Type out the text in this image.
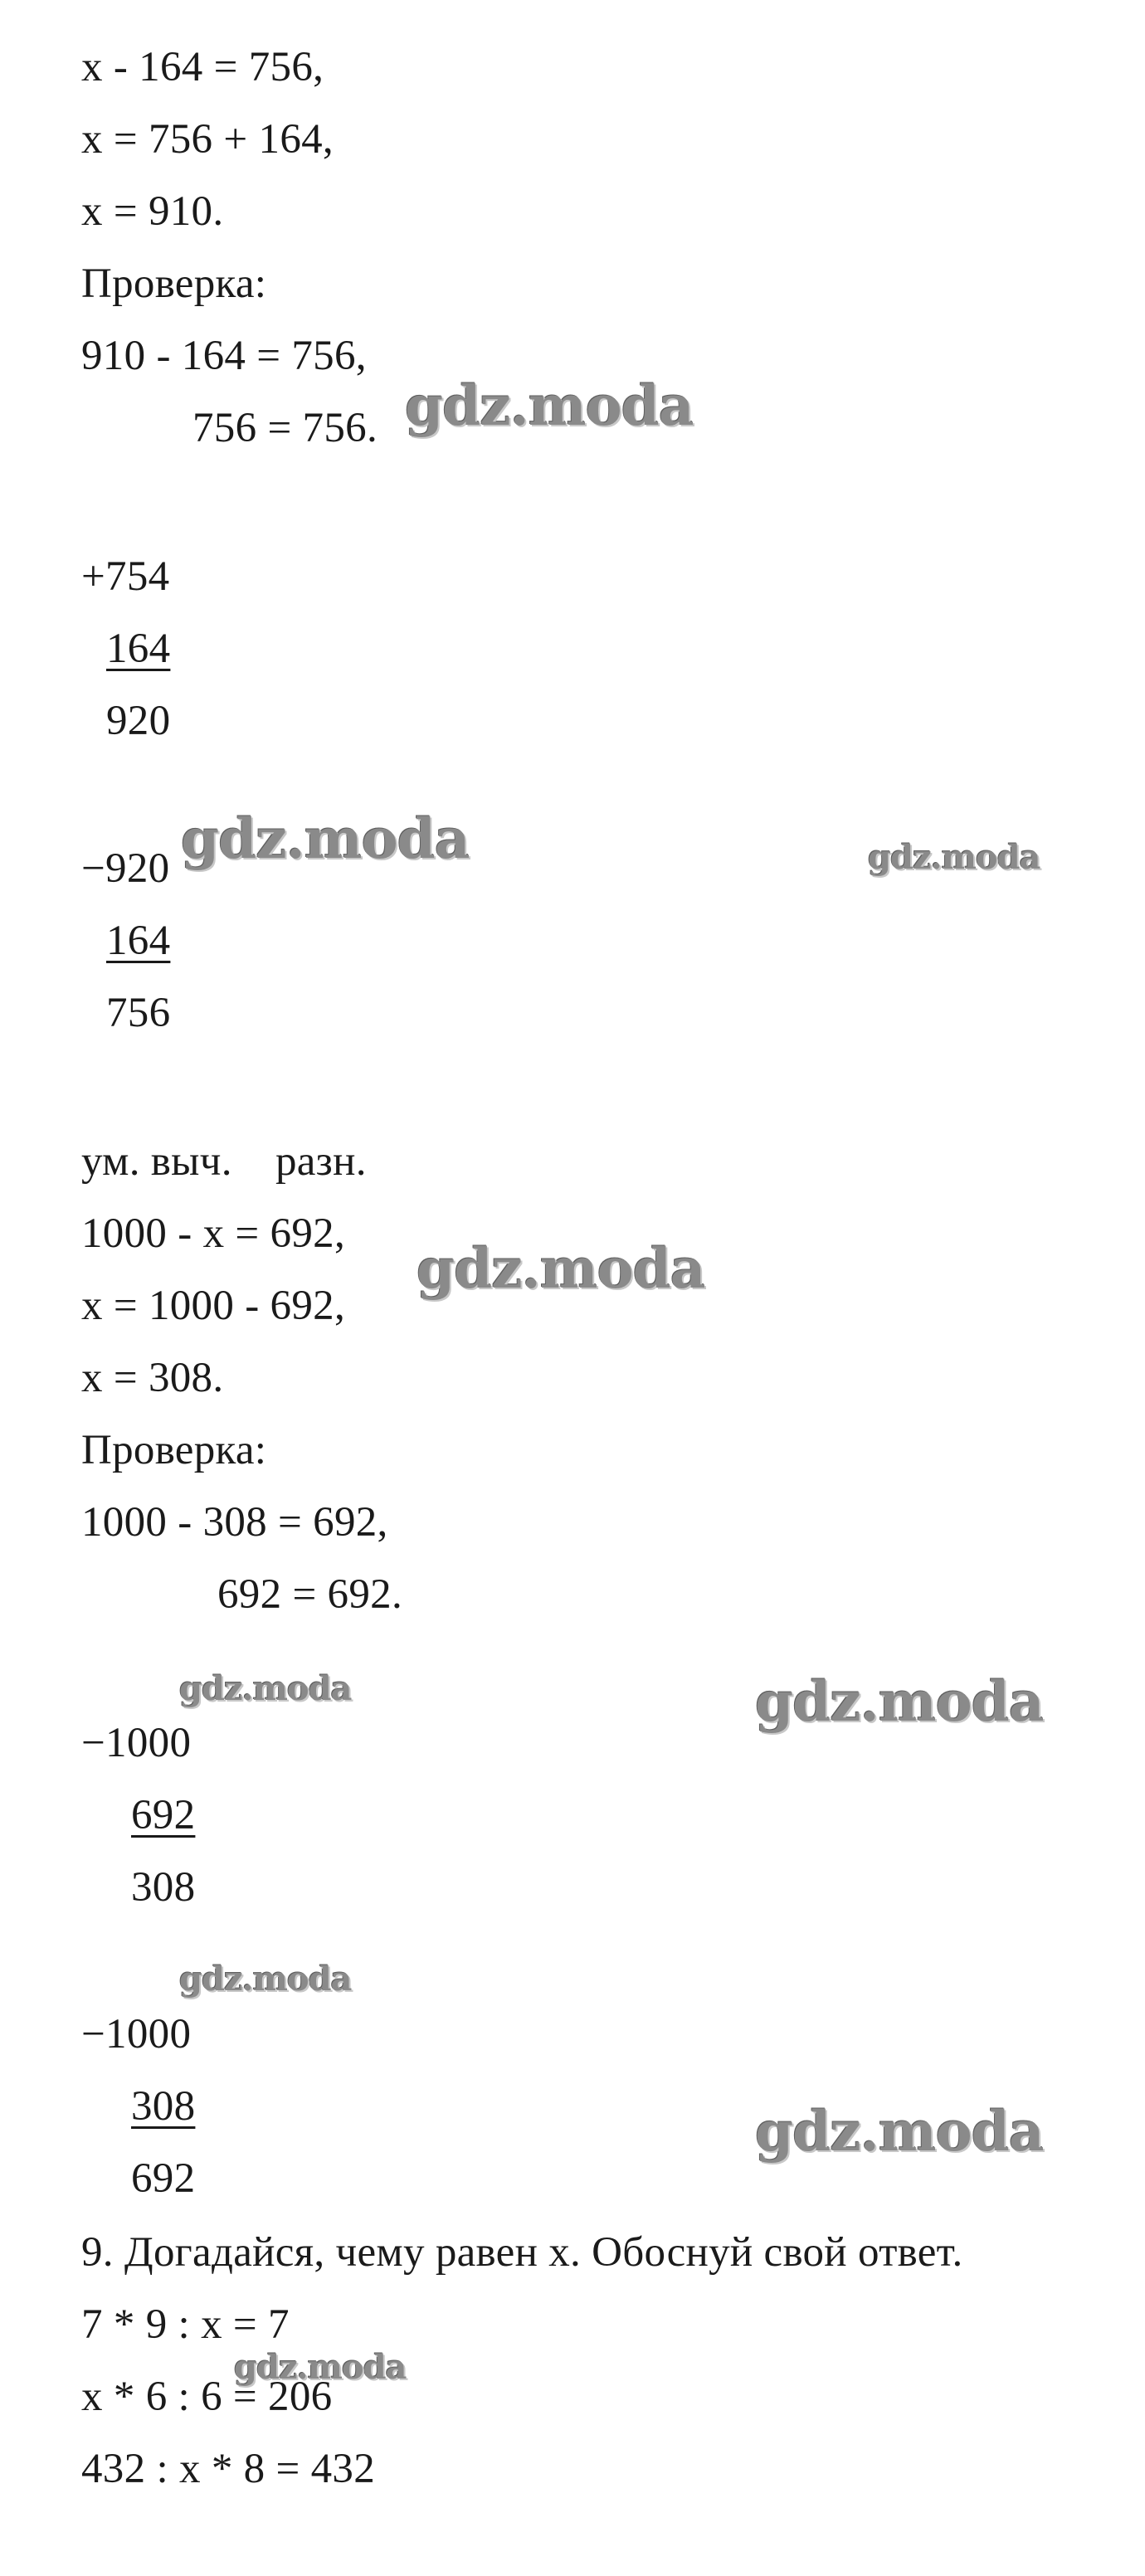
x - 164 = 756,
x = 756 + 164,
x = 910.
Проверка:
910 - 164 = 756,
756 = 756.
+754
164
920
−920
164
756
ум. выч.    разн.
1000 - x = 692,
x = 1000 - 692,
x = 308.
Проверка:
1000 - 308 = 692,
692 = 692.
−1000
692
308
−1000
308
692
9. Догадайся, чему равен x. Обоснуй свой ответ.
7 * 9 : x = 7
x * 6 : 6 = 206
432 : x * 8 = 432
gdz.moda
gdz.moda	gdz.moda
gdz.moda
gdz.moda	gdz.moda
gdz.moda
gdz.moda
gdz.moda
